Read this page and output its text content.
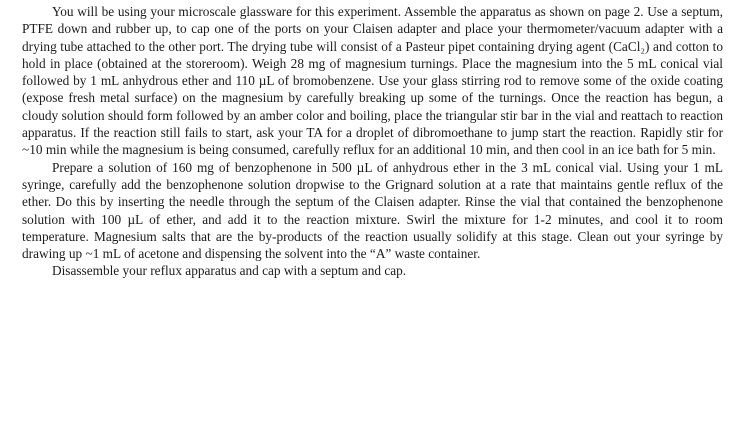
You will be using your microscale glassware for this experiment. Assemble the apparatus as shown on page 2. Use a septum, PTFE down and rubber up, to cap one of the ports on your Claisen adapter and place your thermometer/vacuum adapter with a drying tube attached to the other port. The drying tube will consist of a Pasteur pipet containing drying agent (CaCl₂) and cotton to hold in place (obtained at the storeroom). Weigh 28 mg of magnesium turnings. Place the magnesium into the 5 mL conical vial followed by 1 mL anhydrous ether and 110 µL of bromobenzene. Use your glass stirring rod to remove some of the oxide coating (expose fresh metal surface) on the magnesium by carefully breaking up some of the turnings. Once the reaction has begun, a cloudy solution should form followed by an amber color and boiling, place the triangular stir bar in the vial and reattach to reaction apparatus. If the reaction still fails to start, ask your TA for a droplet of dibromoethane to jump start the reaction. Rapidly stir for ~10 min while the magnesium is being consumed, carefully reflux for an additional 10 min, and then cool in an ice bath for 5 min.

Prepare a solution of 160 mg of benzophenone in 500 µL of anhydrous ether in the 3 mL conical vial. Using your 1 mL syringe, carefully add the benzophenone solution dropwise to the Grignard solution at a rate that maintains gentle reflux of the ether. Do this by inserting the needle through the septum of the Claisen adapter. Rinse the vial that contained the benzophenone solution with 100 µL of ether, and add it to the reaction mixture. Swirl the mixture for 1-2 minutes, and cool it to room temperature. Magnesium salts that are the by-products of the reaction usually solidify at this stage. Clean out your syringe by drawing up ~1 mL of acetone and dispensing the solvent into the “A” waste container.

Disassemble your reflux apparatus and cap with a septum and cap.
